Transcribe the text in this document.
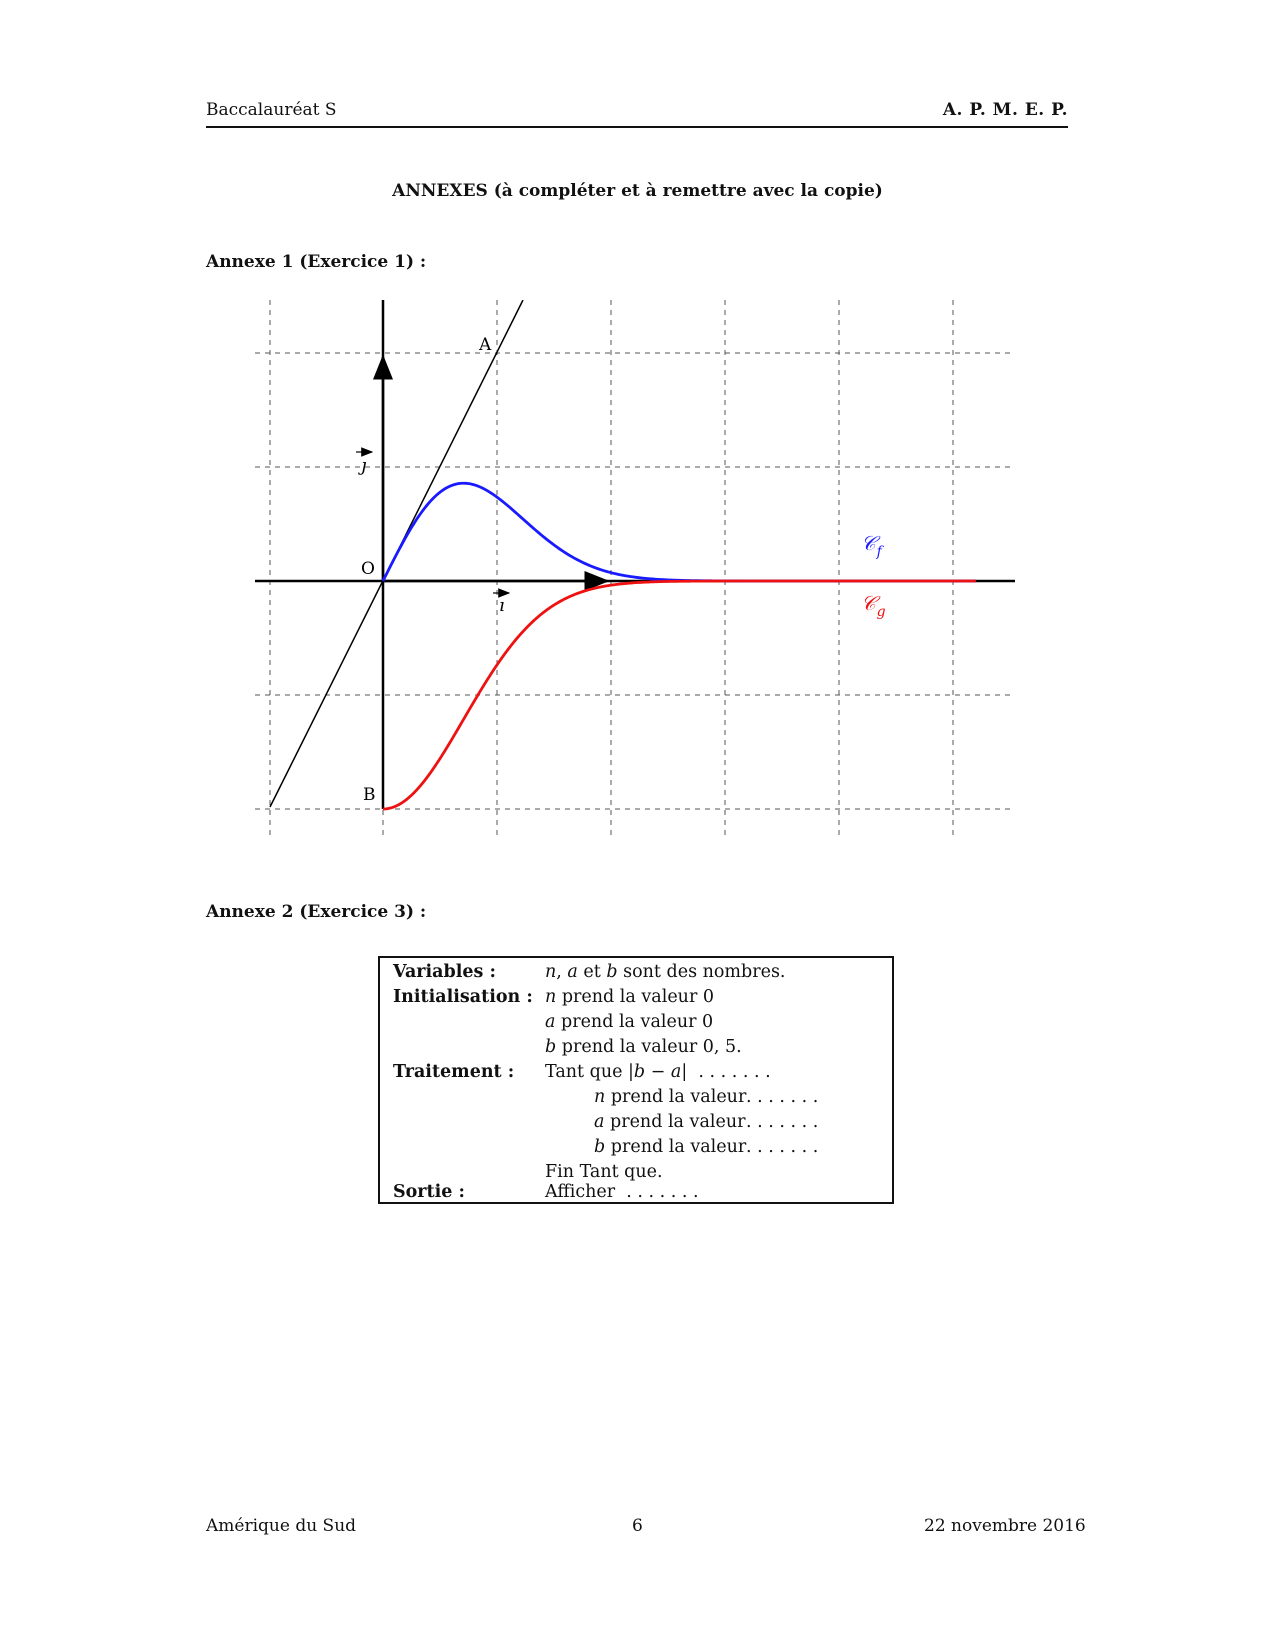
Baccalauréat S	A. P. M. E. P.
ANNEXES (à compléter et à remettre avec la copie)
Annexe 1 (Exercice 1) :
A
O
B
ı
ȷ
𝒞$_f$
𝒞$_g$
Annexe 2 (Exercice 3) :
Variables :	n, a et b sont des nombres.
Initialisation : n prend la valeur 0
a prend la valeur 0
b prend la valeur 0, 5.
Traitement : Tant que |b − a| . . . . . . .
n prend la valeur . . . . . . .
a prend la valeur . . . . . . .
b prend la valeur . . . . . . .
Fin Tant que.
Sortie :	Afficher . . . . . . .
Amérique du Sud	6	22 novembre 2016
